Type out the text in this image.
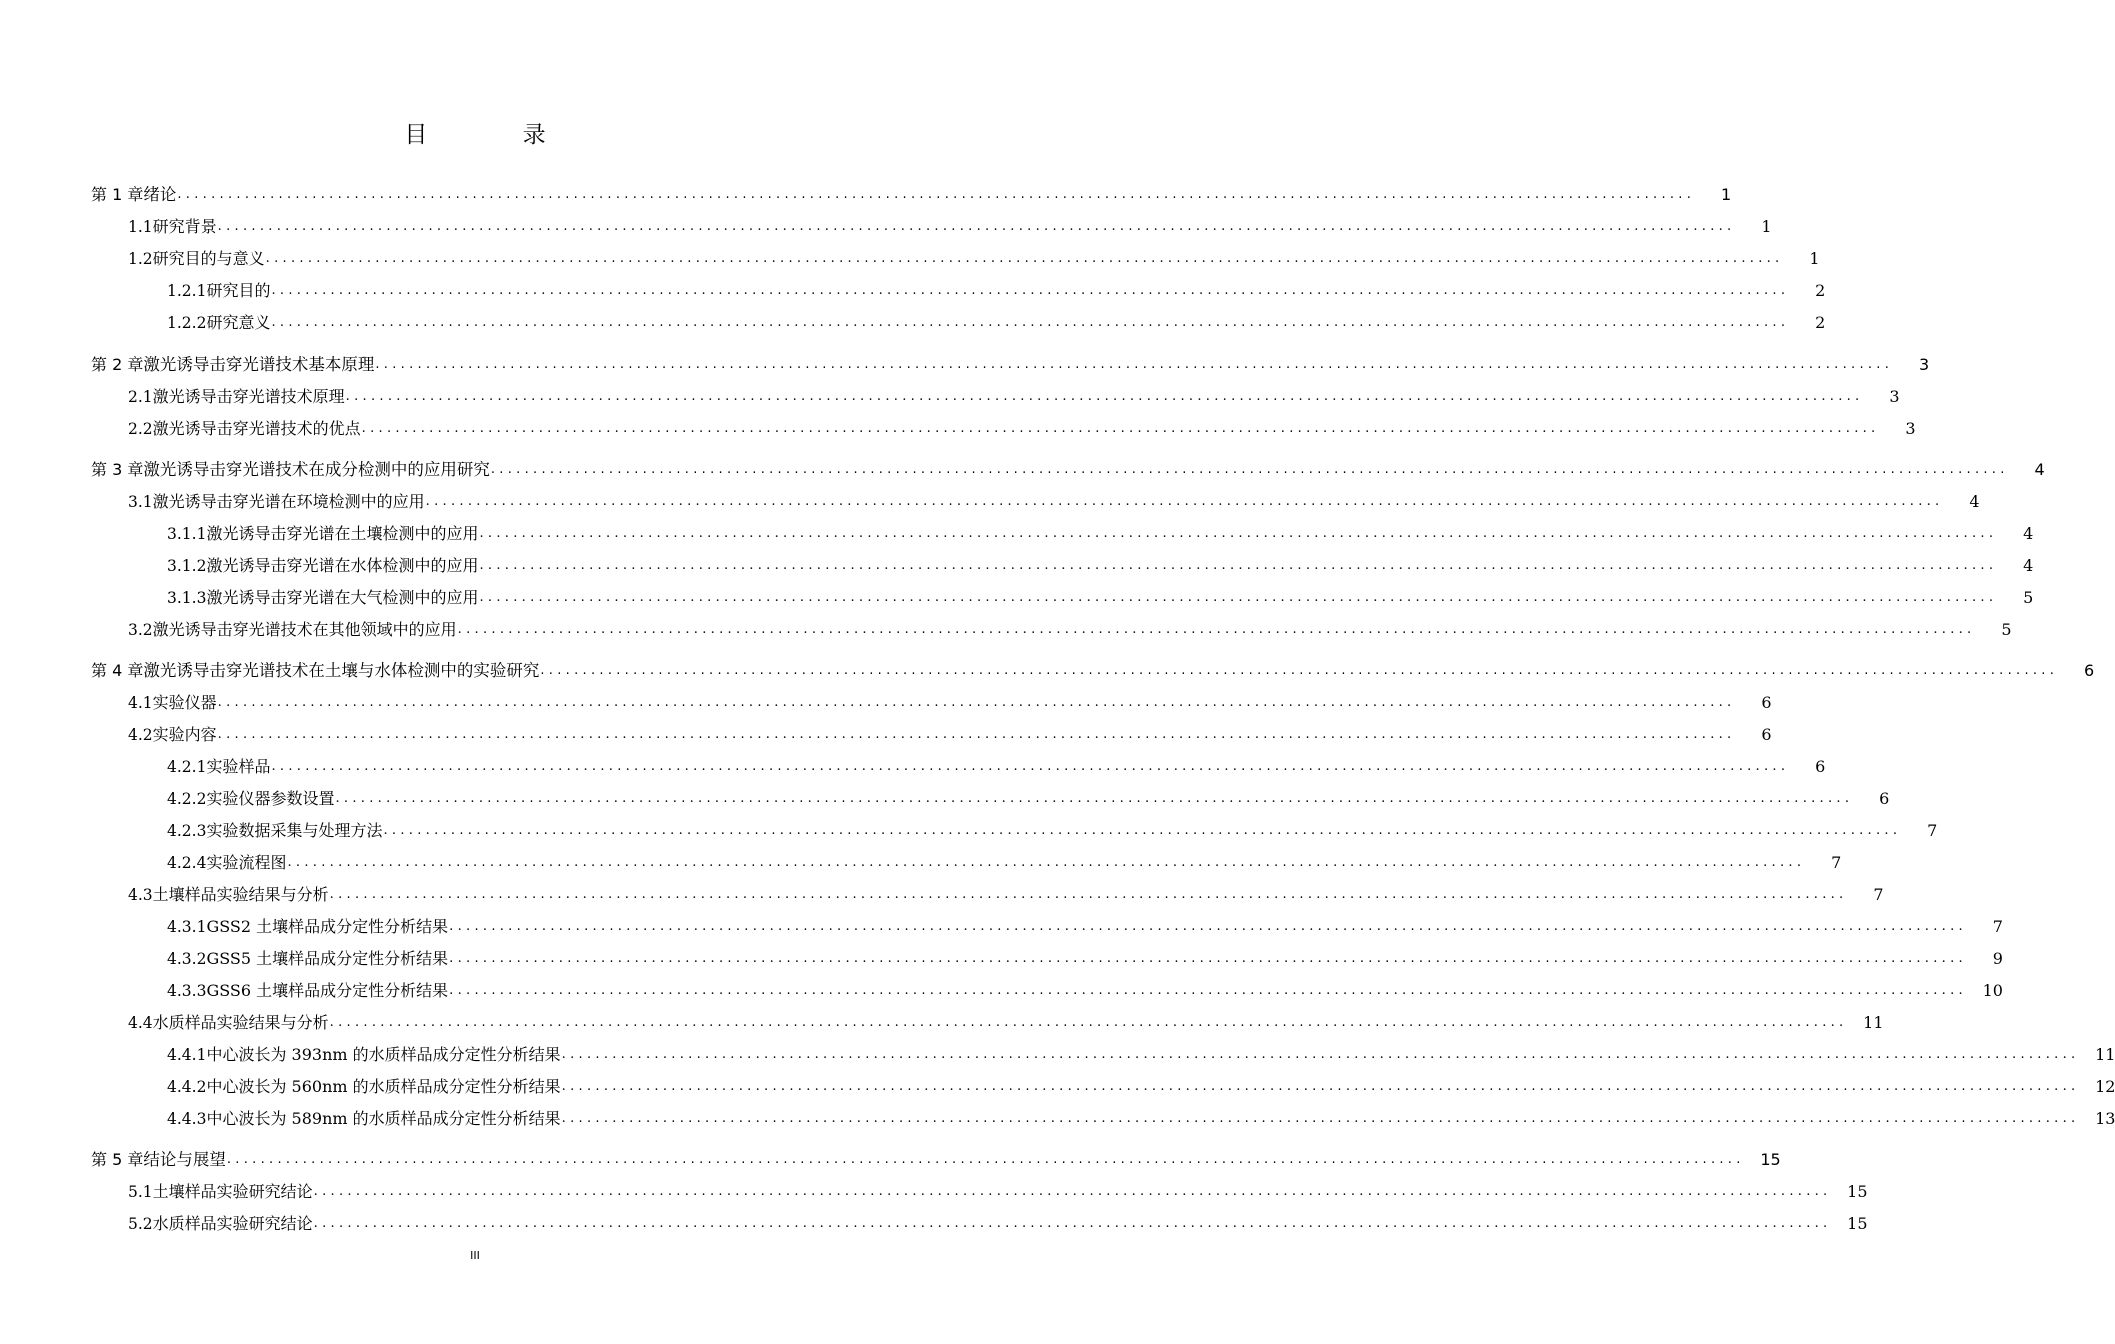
目 录
第 1 章 绪论 ....................................................................................................................................................................................	1
1.1 研究背景 ....................................................................................................................................................................................	1
1.2 研究目的与意义 ....................................................................................................................................................................................	1
1.2.1 研究目的 ....................................................................................................................................................................................	2
1.2.2 研究意义 ....................................................................................................................................................................................	2
第 2 章 激光诱导击穿光谱技术基本原理 ....................................................................................................................................................................................	3
2.1 激光诱导击穿光谱技术原理 ....................................................................................................................................................................................	3
2.2 激光诱导击穿光谱技术的优点 ....................................................................................................................................................................................	3
第 3 章 激光诱导击穿光谱技术在成分检测中的应用研究 ....................................................................................................................................................................................	4
3.1 激光诱导击穿光谱在环境检测中的应用 ....................................................................................................................................................................................	4
3.1.1 激光诱导击穿光谱在土壤检测中的应用 ....................................................................................................................................................................................	4
3.1.2 激光诱导击穿光谱在水体检测中的应用 ....................................................................................................................................................................................	4
3.1.3 激光诱导击穿光谱在大气检测中的应用 ....................................................................................................................................................................................	5
3.2 激光诱导击穿光谱技术在其他领域中的应用 ....................................................................................................................................................................................	5
第 4 章 激光诱导击穿光谱技术在土壤与水体检测中的实验研究 ....................................................................................................................................................................................	6
4.1 实验仪器 ....................................................................................................................................................................................	6
4.2 实验内容 ....................................................................................................................................................................................	6
4.2.1 实验样品 ....................................................................................................................................................................................	6
4.2.2 实验仪器参数设置 ....................................................................................................................................................................................	6
4.2.3 实验数据采集与处理方法 ....................................................................................................................................................................................	7
4.2.4 实验流程图 ....................................................................................................................................................................................	7
4.3 土壤样品实验结果与分析 ....................................................................................................................................................................................	7
4.3.1 GSS2 土壤样品成分定性分析结果 ....................................................................................................................................................................................	7
4.3.2 GSS5 土壤样品成分定性分析结果 ....................................................................................................................................................................................	9
4.3.3 GSS6 土壤样品成分定性分析结果 .................................................................................................................................................................................... 10
4.4 水质样品实验结果与分析 .................................................................................................................................................................................... 11
4.4.1 中心波长为 393nm 的水质样品成分定性分析结果 .................................................................................................................................................................................... 11
4.4.2 中心波长为 560nm 的水质样品成分定性分析结果 .................................................................................................................................................................................... 12
4.4.3 中心波长为 589nm 的水质样品成分定性分析结果 .................................................................................................................................................................................... 13
第 5 章 结论与展望 .................................................................................................................................................................................... 15
5.1 土壤样品实验研究结论 .................................................................................................................................................................................... 15
5.2 水质样品实验研究结论 .................................................................................................................................................................................... 15
III
